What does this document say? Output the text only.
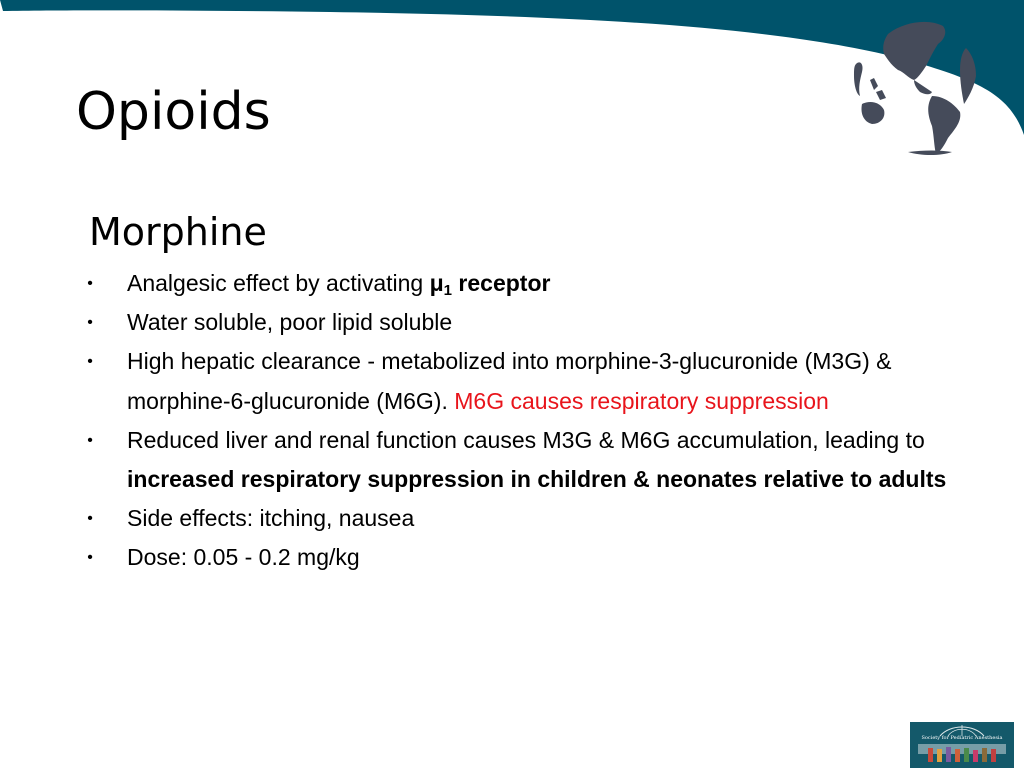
Opioids
Morphine
• Analgesic effect by activating $\mu_1$ receptor
• Water soluble, poor lipid soluble
• High hepatic clearance - metabolized into morphine-3-glucuronide (M3G) & morphine-6-glucuronide (M6G). M6G causes respiratory suppression
• Reduced liver and renal function causes M3G & M6G accumulation, leading to increased respiratory suppression in children & neonates relative to adults
• Side effects: itching, nausea
• Dose: 0.05 - 0.2 mg/kg
Society for Pediatric Anesthesia
